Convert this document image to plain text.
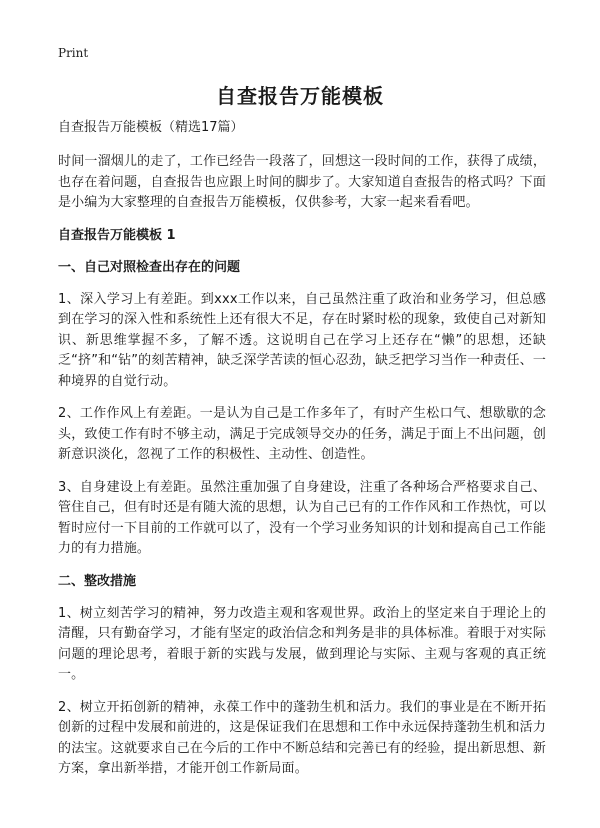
Print
自查报告万能模板
自查报告万能模板（精选17篇）

时间一溜烟儿的走了，工作已经告一段落了，回想这一段时间的工作，获得了成绩，也存在着问题，自查报告也应跟上时间的脚步了。大家知道自查报告的格式吗？下面是小编为大家整理的自查报告万能模板，仅供参考，大家一起来看看吧。

自查报告万能模板 1
一、自己对照检查出存在的问题

1、深入学习上有差距。到xxx工作以来，自己虽然注重了政治和业务学习，但总感到在学习的深入性和系统性上还有很大不足，存在时紧时松的现象，致使自己对新知识、新思维掌握不多，了解不透。这说明自己在学习上还存在“懒”的思想，还缺乏“挤”和“钻”的刻苦精神，缺乏深学苦读的恒心忍劲，缺乏把学习当作一种责任、一种境界的自觉行动。

2、工作作风上有差距。一是认为自己是工作多年了，有时产生松口气、想歇歇的念头，致使工作有时不够主动，满足于完成领导交办的任务，满足于面上不出问题，创新意识淡化，忽视了工作的积极性、主动性、创造性。

3、自身建设上有差距。虽然注重加强了自身建设，注重了各种场合严格要求自己、管住自己，但有时还是有随大流的思想，认为自己已有的工作作风和工作热忱，可以暂时应付一下目前的工作就可以了，没有一个学习业务知识的计划和提高自己工作能力的有力措施。

二、整改措施

1、树立刻苦学习的精神，努力改造主观和客观世界。政治上的坚定来自于理论上的清醒，只有勤奋学习，才能有坚定的政治信念和判务是非的具体标准。着眼于对实际问题的理论思考，着眼于新的实践与发展，做到理论与实际、主观与客观的真正统一。

2、树立开拓创新的精神，永葆工作中的蓬勃生机和活力。我们的事业是在不断开拓创新的过程中发展和前进的，这是保证我们在思想和工作中永远保持蓬勃生机和活力的法宝。这就要求自己在今后的工作中不断总结和完善已有的经验，提出新思想、新方案，拿出新举措，才能开创工作新局面。
